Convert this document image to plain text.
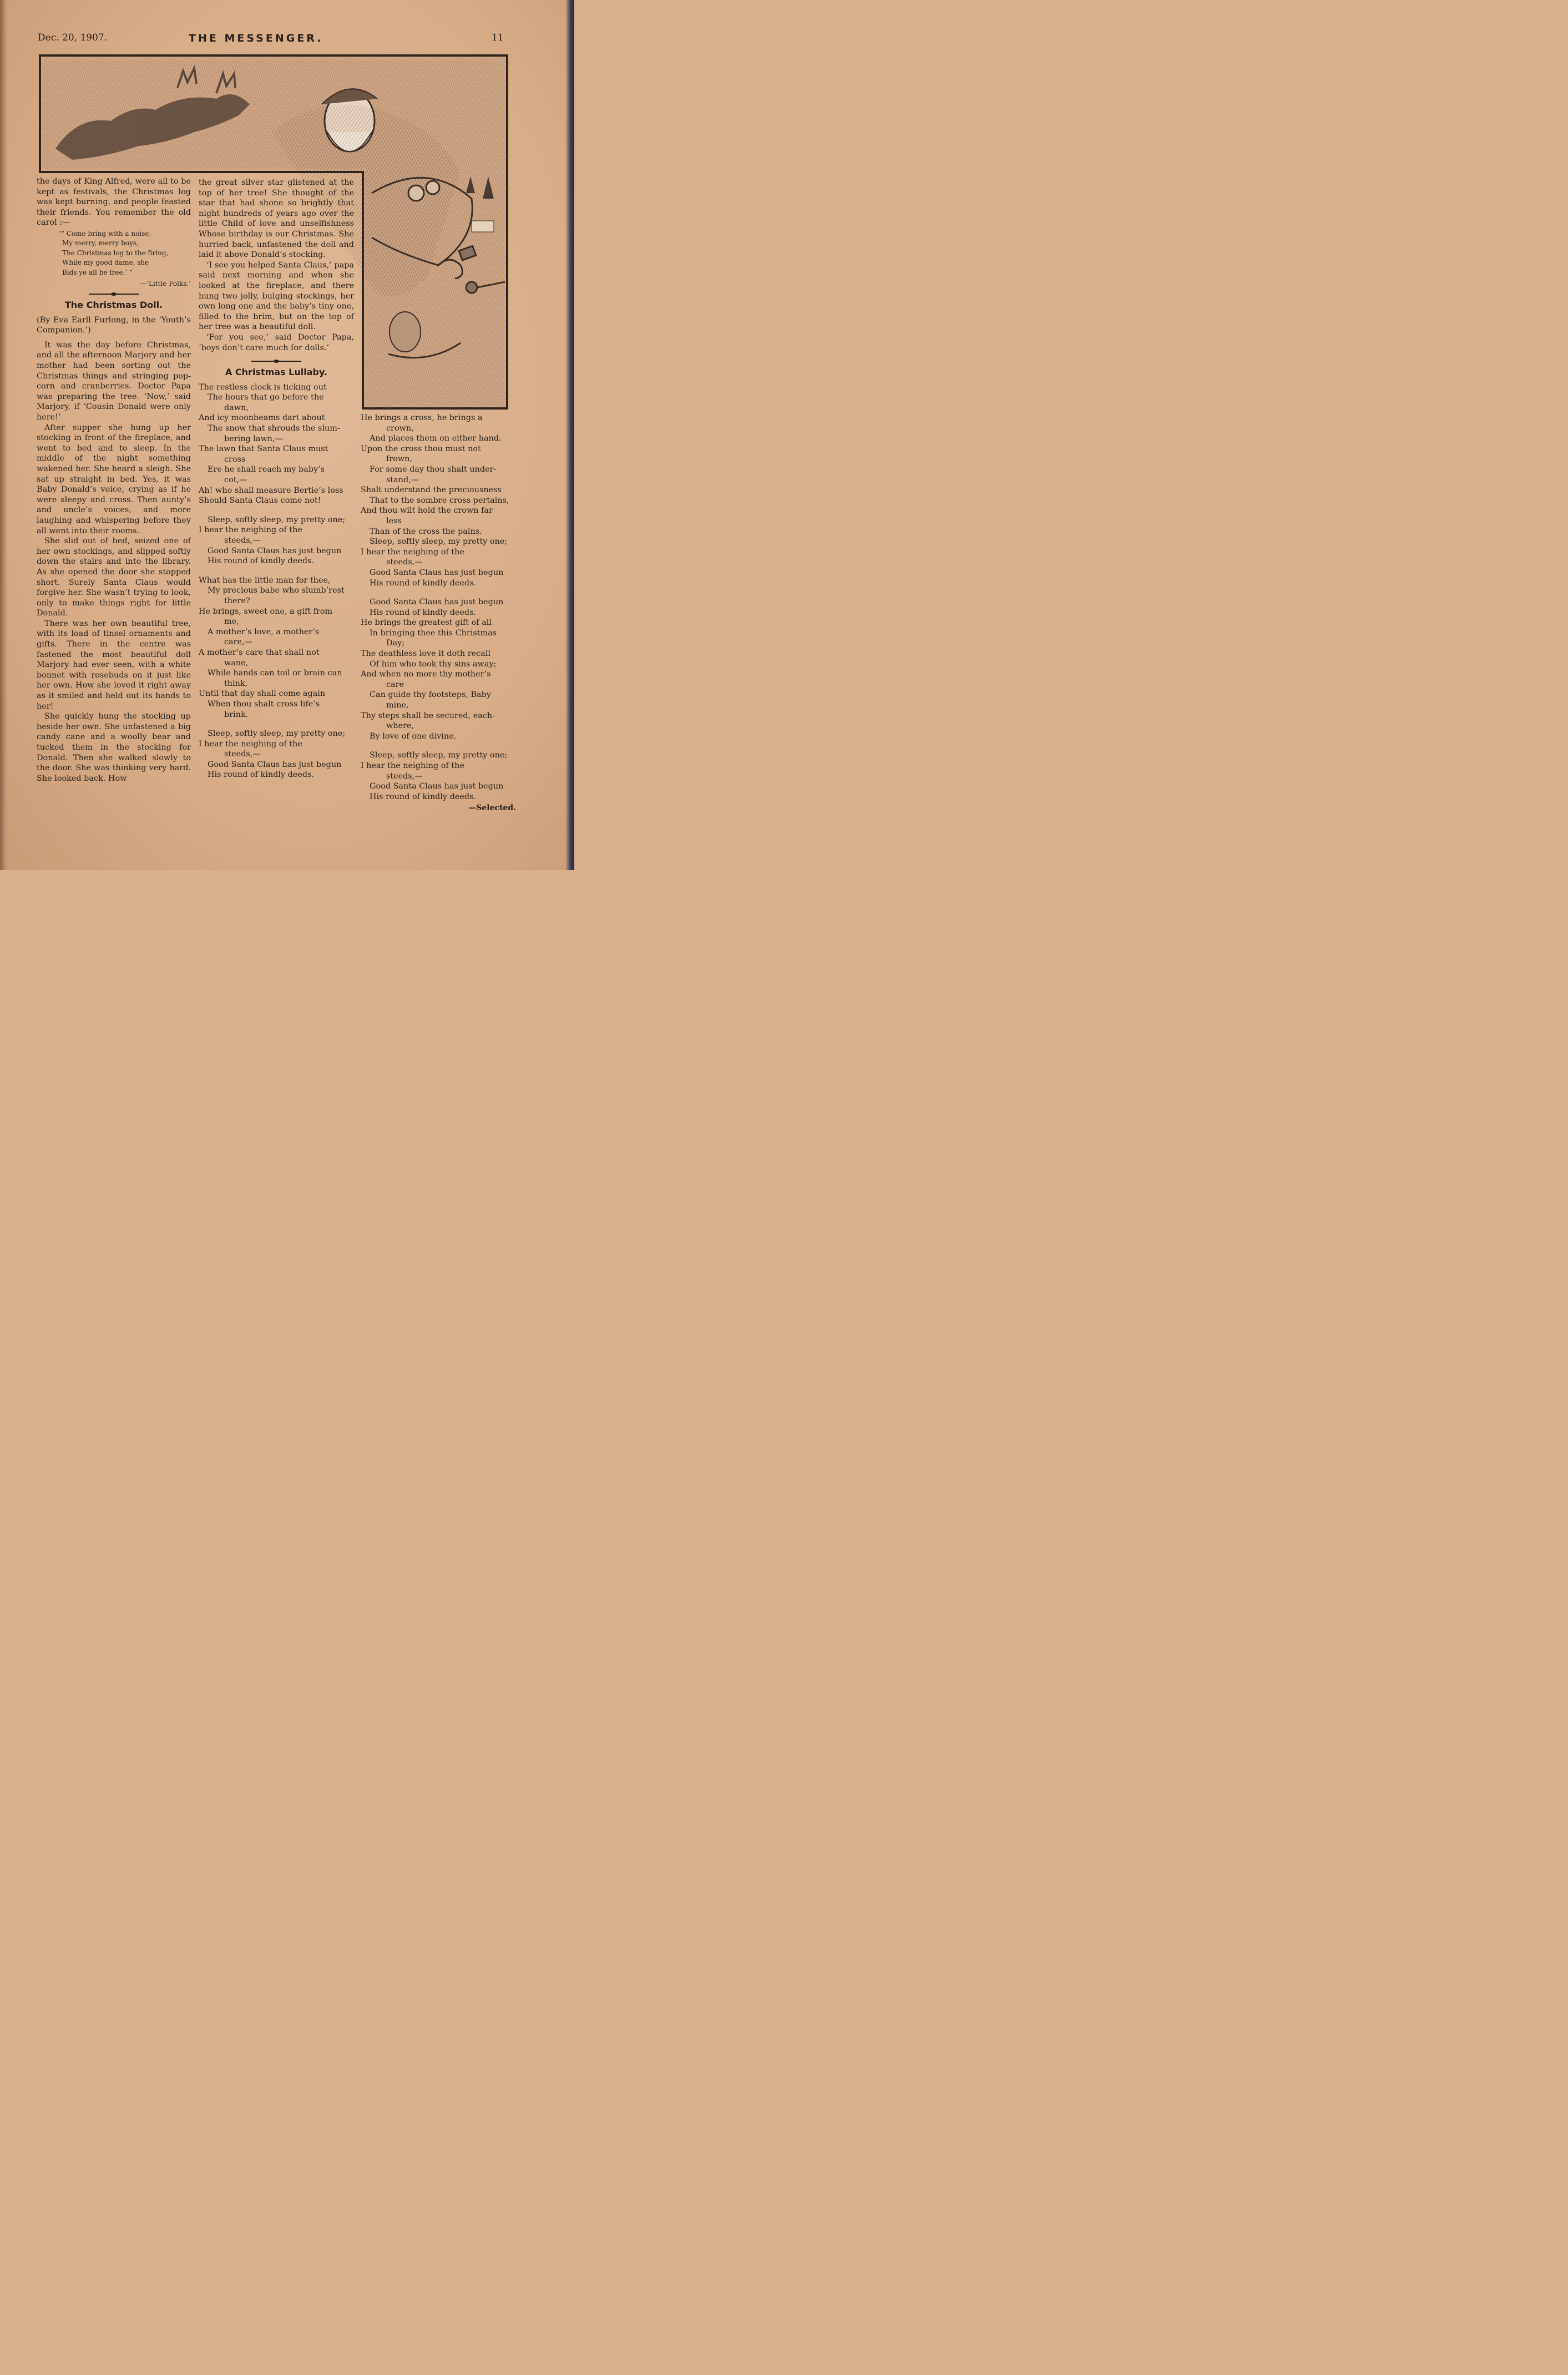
Dec. 20, 1907.	THE MESSENGER.	11

the days of King Alfred, were all to be kept as festivals, the Christmas log was kept burning, and people feasted their friends. You remember the old carol :—

‘“ Come bring with a noise,
My merry, merry boys,
The Christmas log to the firing,
While my good dame, she
Bids ye all be free.’ ”
—‘Little Folks.’
The Christmas Doll.

(By Eva Earll Furlong, in the ‘Youth’s Companion.’)

It was the day before Christmas, and all the afternoon Marjory and her mother had been sorting out the Christmas things and stringing pop-corn and cranberries. Doctor Papa was preparing the tree. ‘Now,’ said Marjory, if ‘Cousin Donald were only here!’

After supper she hung up her stocking in front of the fireplace, and went to bed and to sleep. In the middle of the night something wakened her. She heard a sleigh. She sat up straight in bed. Yes, it was Baby Donald’s voice, crying as if he were sleepy and cross. Then aunty’s and uncle’s voices, and more laughing and whispering before they all went into their rooms.

She slid out of bed, seized one of her own stockings, and slipped softly down the stairs and into the library. As she opened the door she stopped short. Surely Santa Claus would forgive her. She wasn’t trying to look, only to make things right for little Donald.

There was her own beautiful tree, with its load of tinsel ornaments and gifts. There in the centre was fastened the most beautiful doll Marjory had ever seen, with a white bonnet with rosebuds on it just like her own. How she loved it right away as it smiled and held out its hands to her!

She quickly hung the stocking up beside her own. She unfastened a big candy cane and a woolly bear and tucked them in the stocking for Donald. Then she walked slowly to the door. She was thinking very hard. She looked back. How

the great silver star glistened at the top of her tree! She thought of the star that had shone so brightly that night hundreds of years ago over the little Child of love and unselfishness Whose birthday is our Christmas. She hurried back, unfastened the doll and laid it above Donald’s stocking.

‘I see you helped Santa Claus,’ papa said next morning and when she looked at the fireplace, and there hung two jolly, bulging stockings, her own long one and the baby’s tiny one, filled to the brim, but on the top of her tree was a beautiful doll.

‘For you see,’ said Doctor Papa, ‘boys don’t care much for dolls.’

A Christmas Lullaby.
The restless clock is ticking out
The hours that go before the
dawn,
And icy moonbeams dart about
The snow that shrouds the slum-
bering lawn,—
The lawn that Santa Claus must
cross
Ere he shall reach my baby’s
cot,—
Ah! who shall measure Bertie’s loss
Should Santa Claus come not!
Sleep, softly sleep, my pretty one;
I hear the neighing of the
steeds,—
Good Santa Claus has just begun
His round of kindly deeds.
What has the little man for thee,
My precious babe who slumb’rest
there?
He brings, sweet one, a gift from
me,
A mother’s love, a mother’s
care,—
A mother’s care that shall not
wane,
While hands can toil or brain can
think,
Until that day shall come again
When thou shalt cross life’s
brink.
Sleep, softly sleep, my pretty one;
I hear the neighing of the
steeds,—
Good Santa Claus has just begun
His round of kindly deeds.
He brings a cross, he brings a
crown,
And places them on either hand.
Upon the cross thou must not
frown,
For some day thou shalt under-
stand,—
Shalt understand the preciousness
That to the sombre cross pertains,
And thou wilt hold the crown far
less
Than of the cross the pains.
Sleep, softly sleep, my pretty one;
I hear the neighing of the
steeds,—
Good Santa Claus has just begun
His round of kindly deeds.
Good Santa Claus has just begun
His round of kindly deeds.
He brings the greatest gift of all
In bringing thee this Christmas
Day;
The deathless love it doth recall
Of him who took thy sins away;
And when no more thy mother’s
care
Can guide thy footsteps, Baby
mine,
Thy steps shall be secured, each-
where,
By love of one divine.
Sleep, softly sleep, my pretty one;
I hear the neighing of the
steeds,—
Good Santa Claus has just begun
His round of kindly deeds.
—Selected.
